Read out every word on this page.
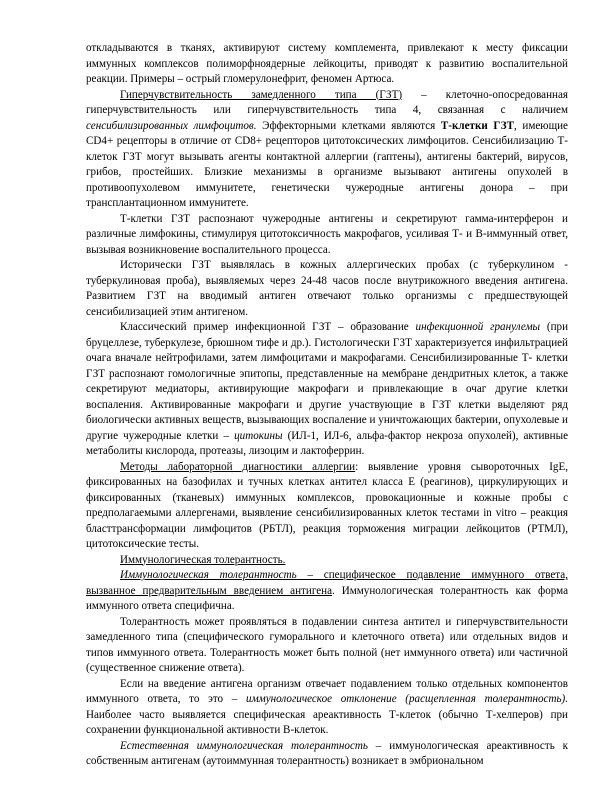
откладываются в тканях, активируют систему комплемента, привлекают к месту фиксации иммунных комплексов полиморфноядерные лейкоциты, приводят к развитию воспалительной реакции. Примеры – острый гломерулонефрит, феномен Артюса.

Гиперчувствительность замедленного типа (ГЗТ) – клеточно-опосредованная гиперчувствительность или гиперчувствительность типа 4, связанная с наличием сенсибилизированных лимфоцитов. Эффекторными клетками являются Т-клетки ГЗТ, имеющие CD4+ рецепторы в отличие от CD8+ рецепторов цитотоксических лимфоцитов. Сенсибилизацию Т-клеток ГЗТ могут вызывать агенты контактной аллергии (гаптены), антигены бактерий, вирусов, грибов, простейших. Близкие механизмы в организме вызывают антигены опухолей в противоопухолевом иммунитете, генетически чужеродные антигены донора – при трансплантационном иммунитете.

Т-клетки ГЗТ распознают чужеродные антигены и секретируют гамма-интерферон и различные лимфокины, стимулируя цитотоксичность макрофагов, усиливая Т- и В-иммунный ответ, вызывая возникновение воспалительного процесса.

Исторически ГЗТ выявлялась в кожных аллергических пробах (с туберкулином - туберкулиновая проба), выявляемых через 24-48 часов после внутрикожного введения антигена. Развитием ГЗТ на вводимый антиген отвечают только организмы с предшествующей сенсибилизацией этим антигеном.

Классический пример инфекционной ГЗТ – образование инфекционной гранулемы (при бруцеллезе, туберкулезе, брюшном тифе и др.). Гистологически ГЗТ характеризуется инфильтрацией очага вначале нейтрофилами, затем лимфоцитами и макрофагами. Сенсибилизированные Т- клетки ГЗТ распознают гомологичные эпитопы, представленные на мембране дендритных клеток, а также секретируют медиаторы, активирующие макрофаги и привлекающие в очаг другие клетки воспаления. Активированные макрофаги и другие участвующие в ГЗТ клетки выделяют ряд биологически активных веществ, вызывающих воспаление и уничтожающих бактерии, опухолевые и другие чужеродные клетки – цитокины (ИЛ-1, ИЛ-6, альфа-фактор некроза опухолей), активные метаболиты кислорода, протеазы, лизоцим и лактоферрин.

Методы лабораторной диагностики аллергии: выявление уровня сывороточных IgE, фиксированных на базофилах и тучных клетках антител класса Е (реагинов), циркулирующих и фиксированных (тканевых) иммунных комплексов, провокационные и кожные пробы с предполагаемыми аллергенами, выявление сенсибилизированных клеток тестами in vitro – реакция бласттрансформации лимфоцитов (РБТЛ), реакция торможения миграции лейкоцитов (РТМЛ), цитотоксические тесты.

Иммунологическая толерантность.

Иммунологическая толерантность – специфическое подавление иммунного ответа, вызванное предварительным введением антигена. Иммунологическая толерантность как форма иммунного ответа специфична.

Толерантность может проявляться в подавлении синтеза антител и гиперчувствительности замедленного типа (специфического гуморального и клеточного ответа) или отдельных видов и типов иммунного ответа. Толерантность может быть полной (нет иммунного ответа) или частичной (существенное снижение ответа).

Если на введение антигена организм отвечает подавлением только отдельных компонентов иммунного ответа, то это – иммунологическое отклонение (расщепленная толерантность). Наиболее часто выявляется специфическая ареактивность Т-клеток (обычно Т-хелперов) при сохранении функциональной активности В-клеток.

Естественная иммунологическая толерантность – иммунологическая ареактивность к собственным антигенам (аутоиммунная толерантность) возникает в эмбриональном
